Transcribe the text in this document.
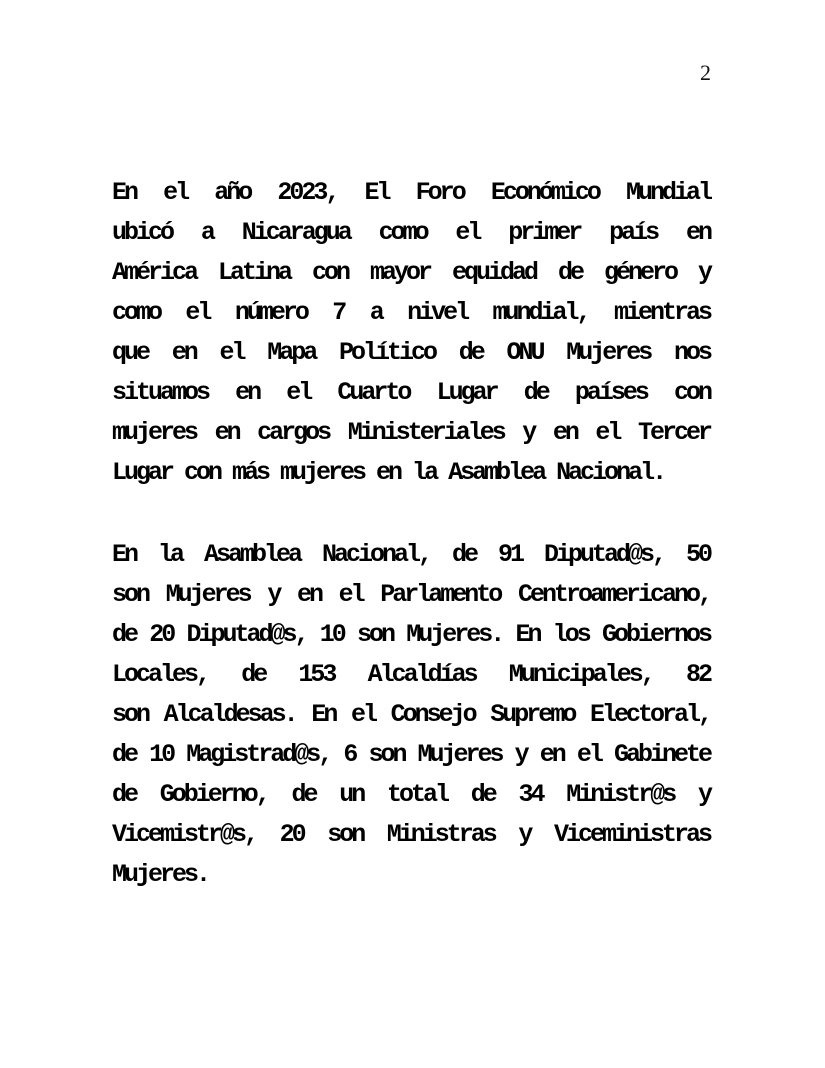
2
En el año 2023, El Foro Económico Mundial
ubicó a Nicaragua como el primer país en
América Latina con mayor equidad de género y
como el número 7 a nivel mundial, mientras
que en el Mapa Político de ONU Mujeres nos
situamos en el Cuarto Lugar de países con
mujeres en cargos Ministeriales y en el Tercer
Lugar con más mujeres en la Asamblea Nacional.
En la Asamblea Nacional, de 91 Diputad@s, 50
son Mujeres y en el Parlamento Centroamericano,
de 20 Diputad@s, 10 son Mujeres. En los Gobiernos
Locales, de 153 Alcaldías Municipales, 82
son Alcaldesas. En el Consejo Supremo Electoral,
de 10 Magistrad@s, 6 son Mujeres y en el Gabinete
de Gobierno, de un total de 34 Ministr@s y
Vicemistr@s, 20 son Ministras y Viceministras
Mujeres.
